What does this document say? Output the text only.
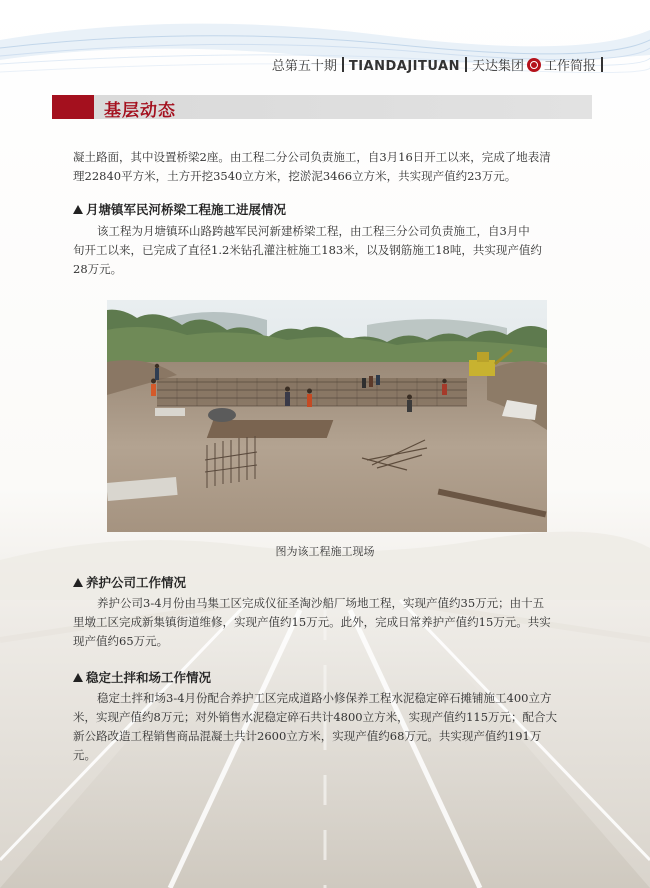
总第五十期 TIANDAJITUAN 天达集团 工作简报
基层动态
凝土路面，其中设置桥梁2座。由工程二分公司负责施工，自3月16日开工以来，完成了地表清
理22840平方米，土方开挖3540立方米，挖淤泥3466立方米，共实现产值约23万元。
月塘镇军民河桥梁工程施工进展情况
该工程为月塘镇环山路跨越军民河新建桥梁工程，由工程三分公司负责施工，自3月中
旬开工以来，已完成了直径1.2米钻孔灌注桩施工183米，以及钢筋施工18吨，共实现产值约
28万元。
图为该工程施工现场
养护公司工作情况
养护公司3-4月份由马集工区完成仪征圣淘沙船厂场地工程，实现产值约35万元；由十五
里墩工区完成新集镇街道维修，实现产值约15万元。此外，完成日常养护产值约15万元。共实
现产值约65万元。
稳定土拌和场工作情况
稳定土拌和场3-4月份配合养护工区完成道路小修保养工程水泥稳定碎石摊铺施工400立方
米，实现产值约8万元；对外销售水泥稳定碎石共计4800立方米，实现产值约115万元；配合大
新公路改造工程销售商品混凝土共计2600立方米，实现产值约68万元。共实现产值约191万
元。
